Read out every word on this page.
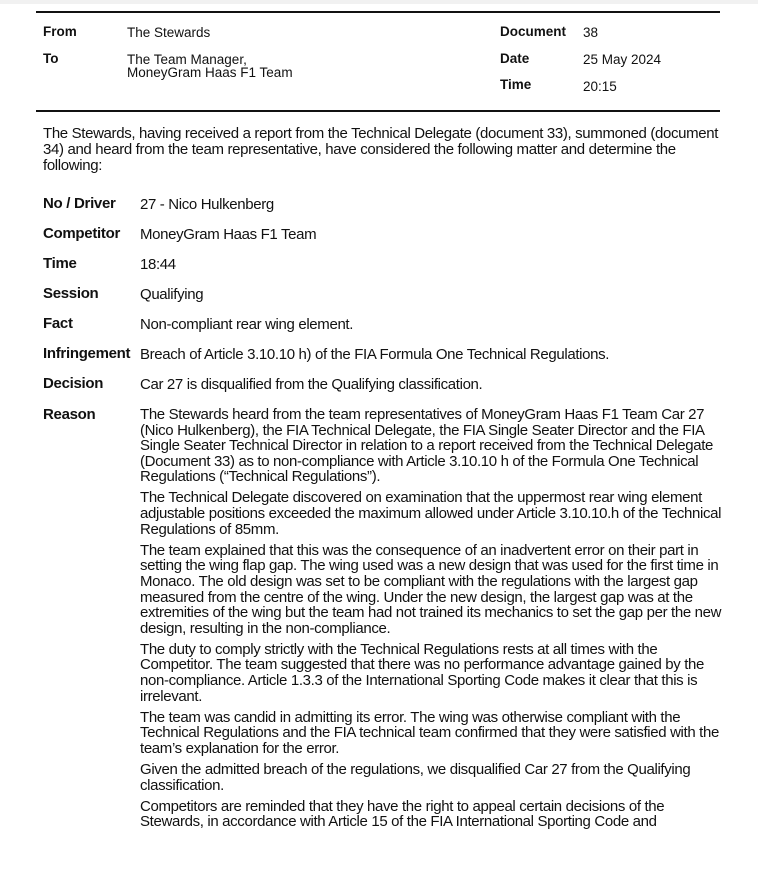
From	The Stewards
To	The Team Manager,
MoneyGram Haas F1 Team
Document 38
Date	25 May 2024
Time	20:15
The Stewards, having received a report from the Technical Delegate (document 33), summoned (document 34) and heard from the team representative, have considered the following matter and determine the following:
No / Driver 27 - Nico Hulkenberg
Competitor MoneyGram Haas F1 Team
Time	18:44
Session	Qualifying
Fact	Non-compliant rear wing element.
Infringement Breach of Article 3.10.10 h) of the FIA Formula One Technical Regulations.
Decision Car 27 is disqualified from the Qualifying classification.
Reason	The Stewards heard from the team representatives of MoneyGram Haas F1 Team Car 27 (Nico Hulkenberg), the FIA Technical Delegate, the FIA Single Seater Director and the FIA Single Seater Technical Director in relation to a report received from the Technical Delegate (Document 33) as to non-compliance with Article 3.10.10 h of the Formula One Technical Regulations (“Technical Regulations”).

The Technical Delegate discovered on examination that the uppermost rear wing element adjustable positions exceeded the maximum allowed under Article 3.10.10.h of the Technical Regulations of 85mm.

The team explained that this was the consequence of an inadvertent error on their part in setting the wing flap gap. The wing used was a new design that was used for the first time in Monaco. The old design was set to be compliant with the regulations with the largest gap measured from the centre of the wing. Under the new design, the largest gap was at the extremities of the wing but the team had not trained its mechanics to set the gap per the new design, resulting in the non-compliance.

The duty to comply strictly with the Technical Regulations rests at all times with the Competitor. The team suggested that there was no performance advantage gained by the non-compliance. Article 1.3.3 of the International Sporting Code makes it clear that this is irrelevant.

The team was candid in admitting its error. The wing was otherwise compliant with the Technical Regulations and the FIA technical team confirmed that they were satisfied with the team’s explanation for the error.

Given the admitted breach of the regulations, we disqualified Car 27 from the Qualifying classification.

Competitors are reminded that they have the right to appeal certain decisions of the Stewards, in accordance with Article 15 of the FIA International Sporting Code and
